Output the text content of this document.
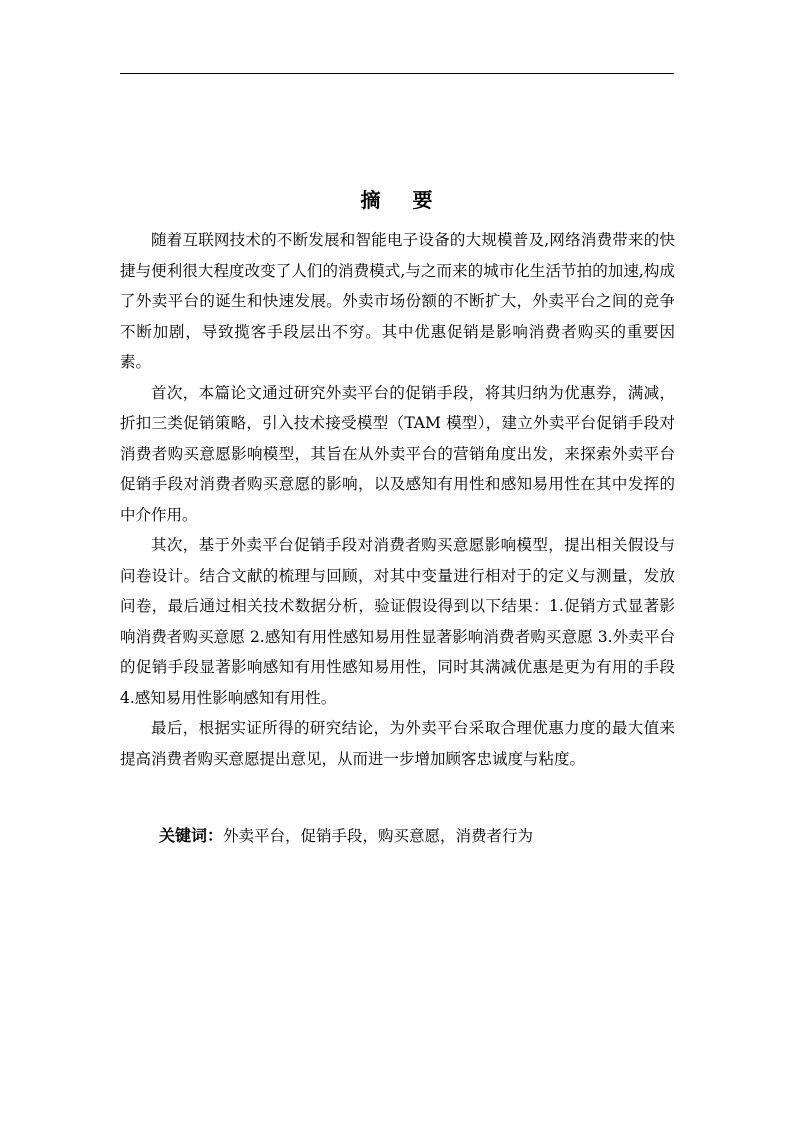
摘要

随着互联网技术的不断发展和智能电子设备的大规模普及,网络消费带来的快捷与便利很大程度改变了人们的消费模式,与之而来的城市化生活节拍的加速,构成了外卖平台的诞生和快速发展。外卖市场份额的不断扩大，外卖平台之间的竞争不断加剧，导致揽客手段层出不穷。其中优惠促销是影响消费者购买的重要因素。

首次，本篇论文通过研究外卖平台的促销手段，将其归纳为优惠券，满减，折扣三类促销策略，引入技术接受模型（TAM 模型），建立外卖平台促销手段对消费者购买意愿影响模型，其旨在从外卖平台的营销角度出发，来探索外卖平台促销手段对消费者购买意愿的影响，以及感知有用性和感知易用性在其中发挥的中介作用。

其次，基于外卖平台促销手段对消费者购买意愿影响模型，提出相关假设与问卷设计。结合文献的梳理与回顾，对其中变量进行相对于的定义与测量，发放问卷，最后通过相关技术数据分析，验证假设得到以下结果：1.促销方式显著影响消费者购买意愿 2.感知有用性感知易用性显著影响消费者购买意愿 3.外卖平台的促销手段显著影响感知有用性感知易用性，同时其满减优惠是更为有用的手段 4.感知易用性影响感知有用性。

最后，根据实证所得的研究结论，为外卖平台采取合理优惠力度的最大值来提高消费者购买意愿提出意见，从而进一步增加顾客忠诚度与粘度。

关键词：外卖平台，促销手段，购买意愿，消费者行为
